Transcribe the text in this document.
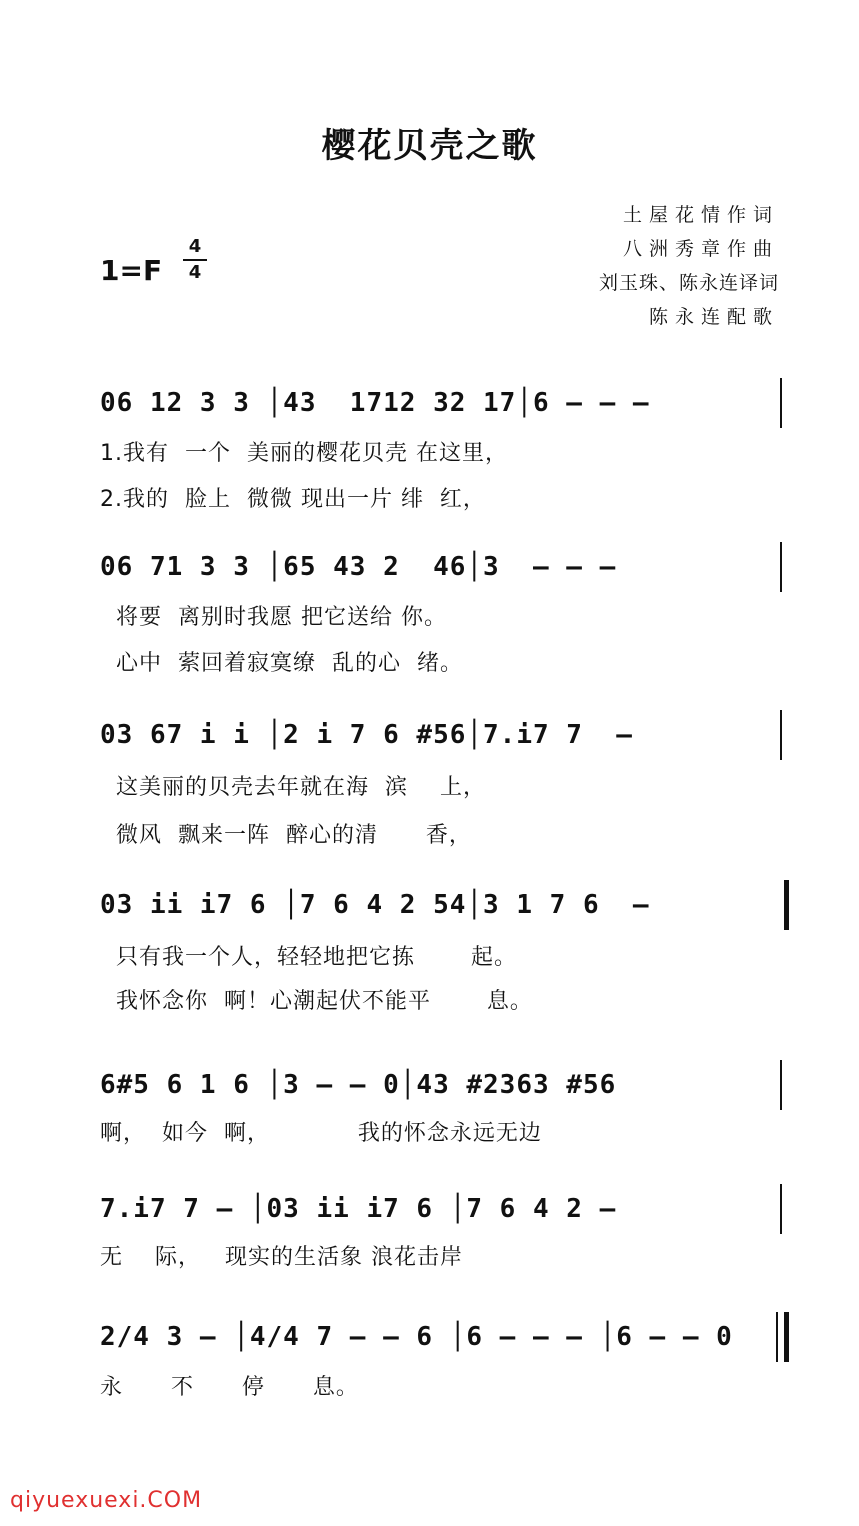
樱花贝壳之歌
1=F
4
4
土屋花情作词
八洲秀章作曲
刘玉珠、陈永连译词
陈永连配歌
06 12 3 3 │43  1712 32 17│6 — — —
1.我有  一个  美丽的樱花贝壳 在这里，
2.我的  脸上  微微 现出一片 绯  红，
06 71 3 3 │65 43 2  46│3  — — —
将要  离别时我愿 把它送给 你。
心中  萦回着寂寞缭  乱的心  绪。
03 67 i i │2 i 7 6 #56│7.i7 7  —
这美丽的贝壳去年就在海  滨    上，
微风  飘来一阵  醉心的清      香，
03 ii i7 6 │7 6 4 2 54│3 1 7 6  —
只有我一个人，轻轻地把它拣       起。
我怀念你  啊！心潮起伏不能平       息。
6#5 6 1 6 │3 — — 0│43 #2363 #56
啊，  如今  啊，           我的怀念永远无边
7.i7 7 — │03 ii i7 6 │7 6 4 2 —
无    际，   现实的生活象 浪花击岸
2/4 3 — │4/4 7 — — 6 │6 — — — │6 — — 0
永      不      停      息。
qiyuexuexi.COM
